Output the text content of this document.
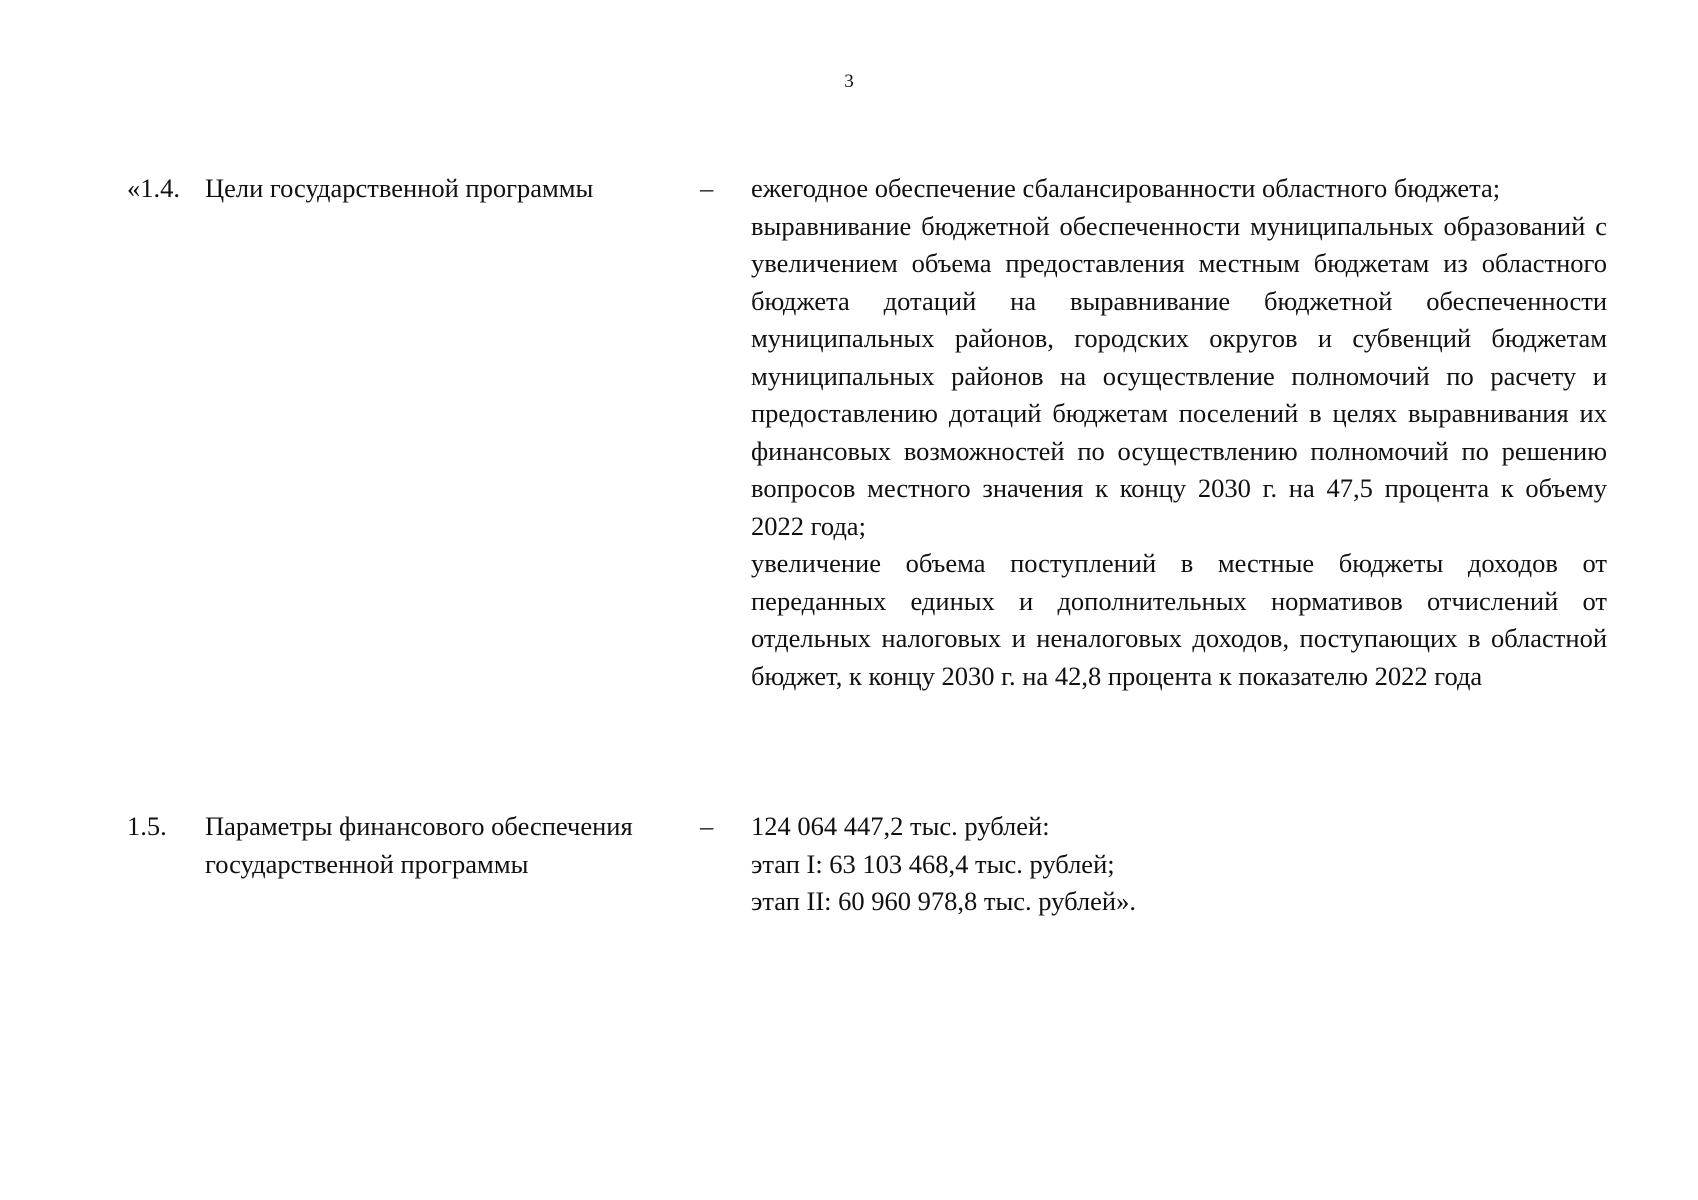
3
«1.4. Цели государственной программы	– ежегодное обеспечение сбалансированности областного бюджета;

выравнивание бюджетной обеспеченности муниципальных образований с увеличением объема предоставления местным бюджетам из областного бюджета дотаций на выравнивание бюджетной обеспеченности муниципальных районов, городских округов и субвенций бюджетам муниципальных районов на осуществление полномочий по расчету и предоставлению дотаций бюджетам поселений в целях выравнивания их финансовых возможностей по осуществлению полномочий по решению вопросов местного значения к концу 2030 г. на 47,5 процента к объему 2022 года;

увеличение объема поступлений в местные бюджеты доходов от переданных единых и дополнительных нормативов отчислений от отдельных налоговых и неналоговых доходов, поступающих в областной бюджет, к концу 2030 г. на 42,8 процента к показателю 2022 года

1.5. Параметры финансового обеспечения
государственной программы
– 124 064 447,2 тыс. рублей:
этап I: 63 103 468,4 тыс. рублей;
этап II: 60 960 978,8 тыс. рублей».
